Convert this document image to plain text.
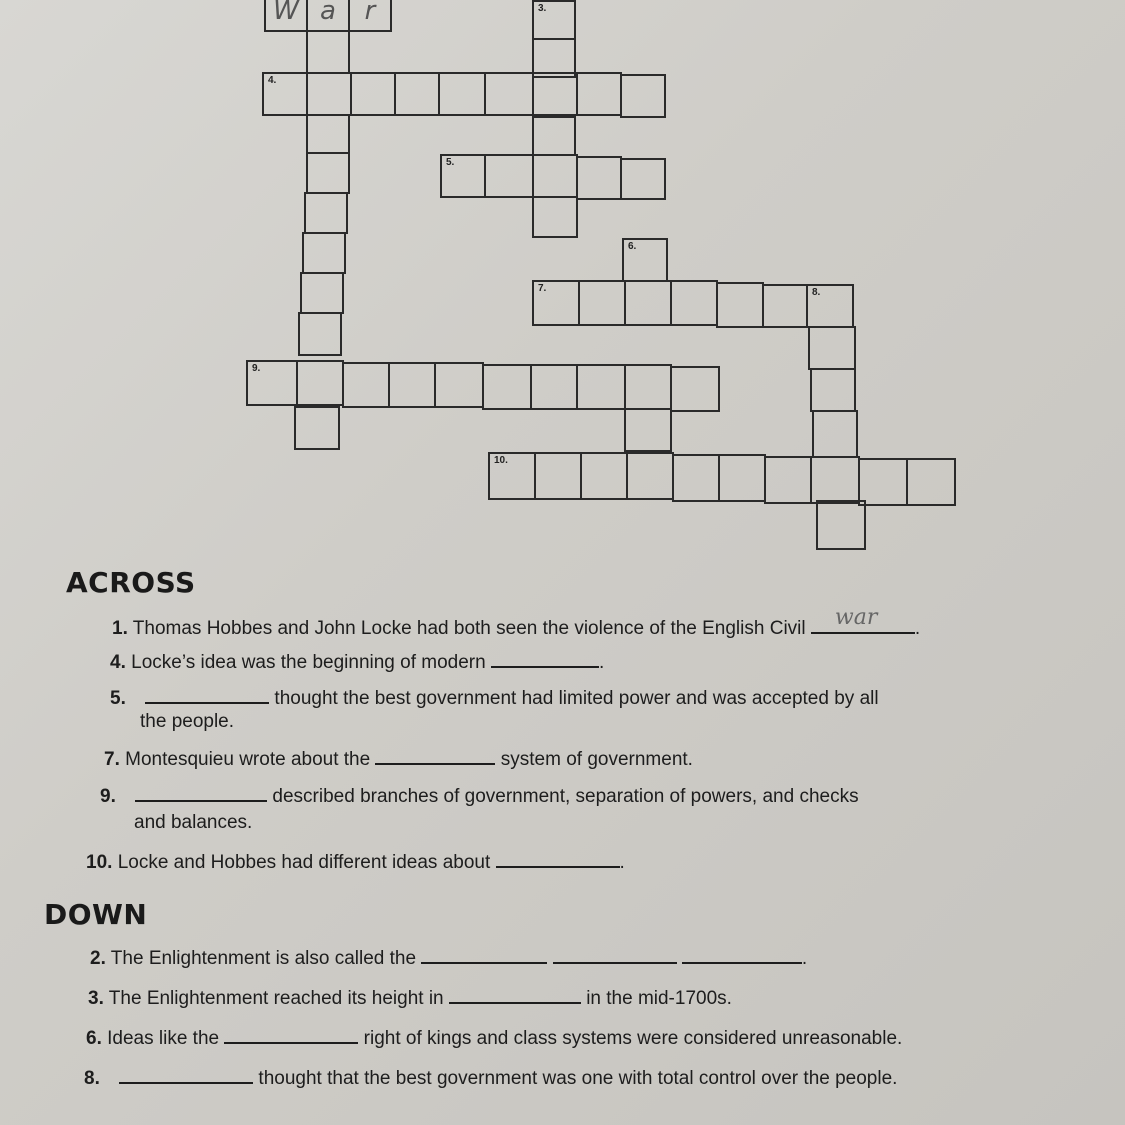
W a	r	3.
4.
5.
6.
7.	8.
9.
10.
ACROSS
1. Thomas Hobbes and John Locke had both seen the violence of the English Civil war .
4. Locke’s idea was the beginning of modern	.
5.	thought the best government had limited power and was accepted by all
the people.
7. Montesquieu wrote about the	system of government.
9.	described branches of government, separation of powers, and checks
and balances.
10. Locke and Hobbes had different ideas about	.
DOWN
2. The Enlightenment is also called the	.
3. The Enlightenment reached its height in	in the mid-1700s.
6. Ideas like the	right of kings and class systems were considered unreasonable.
8.	thought that the best government was one with total control over the people.
